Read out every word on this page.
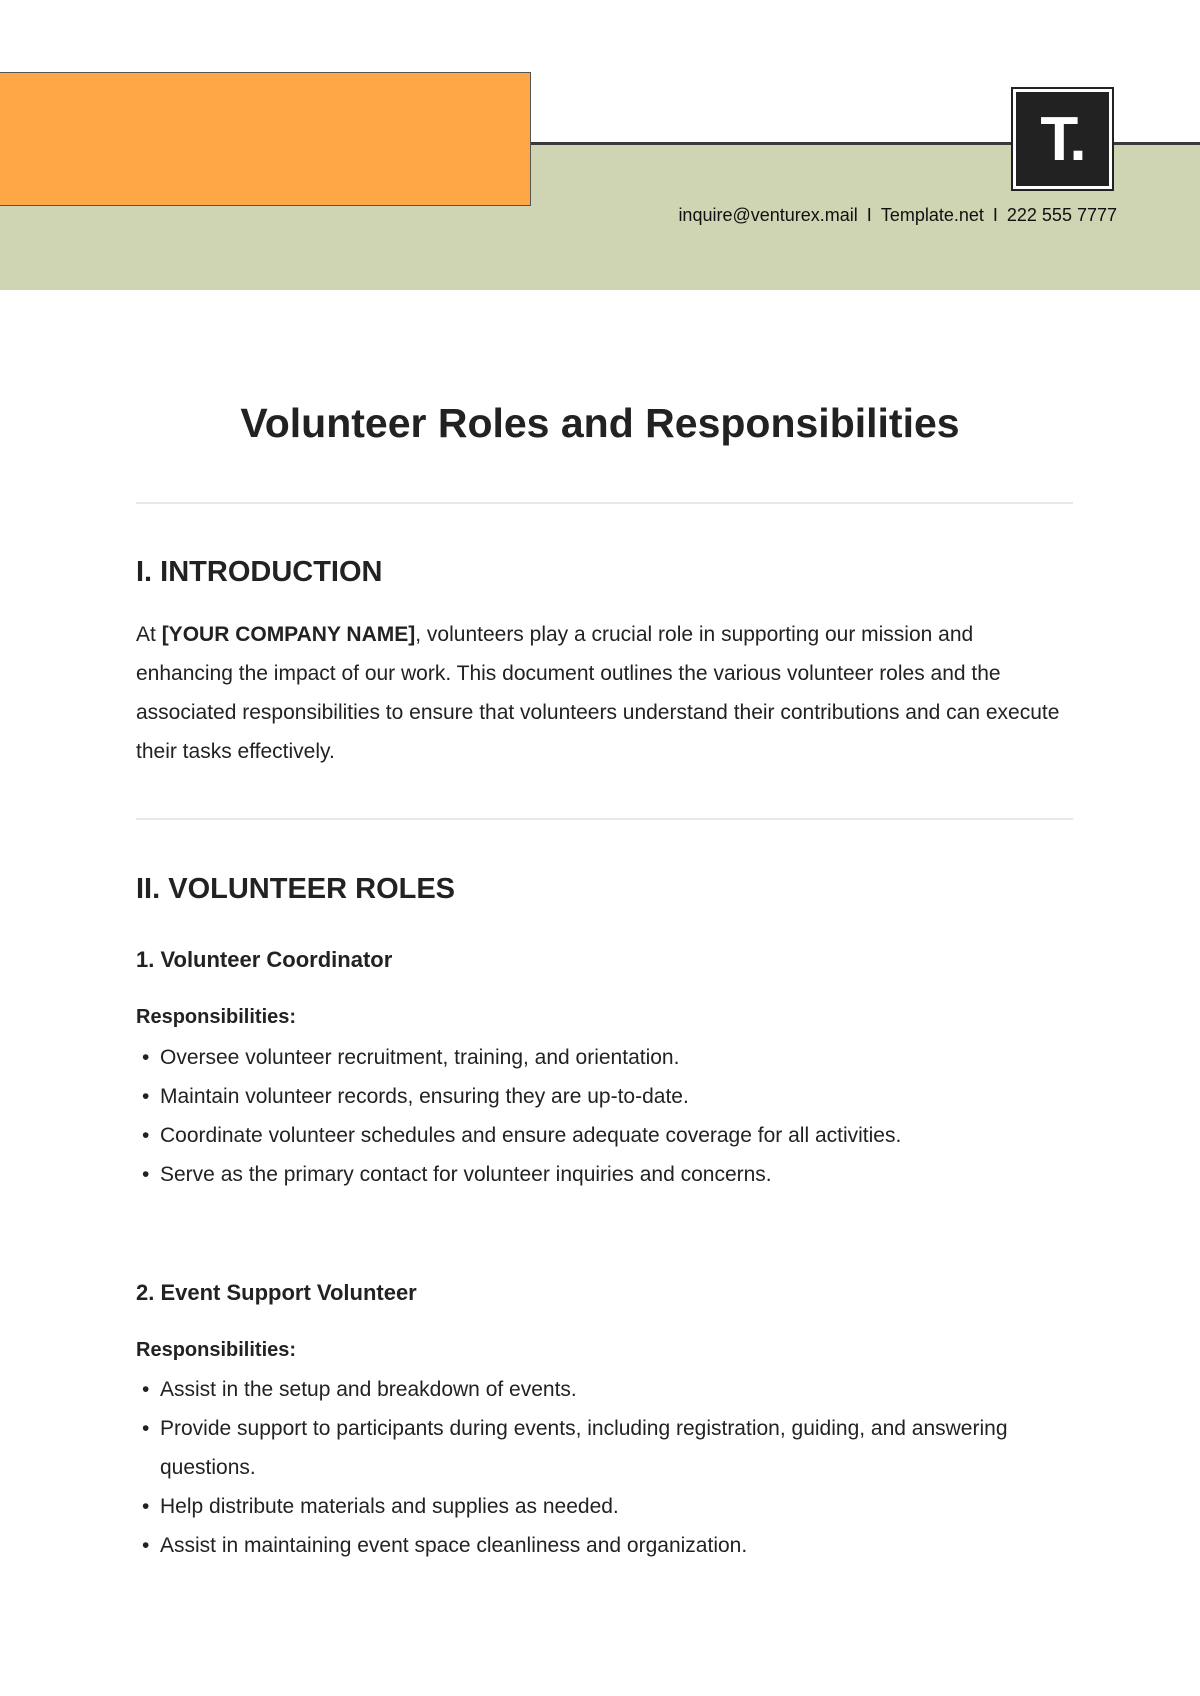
T.
inquire@venturex.mail I Template.net I 222 555 7777
Volunteer Roles and Responsibilities
I. INTRODUCTION
At [YOUR COMPANY NAME], volunteers play a crucial role in supporting our mission and enhancing the impact of our work. This document outlines the various volunteer roles and the associated responsibilities to ensure that volunteers understand their contributions and can execute their tasks effectively.
II. VOLUNTEER ROLES
1. Volunteer Coordinator
Responsibilities:
• Oversee volunteer recruitment, training, and orientation.
• Maintain volunteer records, ensuring they are up-to-date.
• Coordinate volunteer schedules and ensure adequate coverage for all activities.
• Serve as the primary contact for volunteer inquiries and concerns.
2. Event Support Volunteer
Responsibilities:
• Assist in the setup and breakdown of events.
• Provide support to participants during events, including registration, guiding, and answering questions.
• Help distribute materials and supplies as needed.
• Assist in maintaining event space cleanliness and organization.
